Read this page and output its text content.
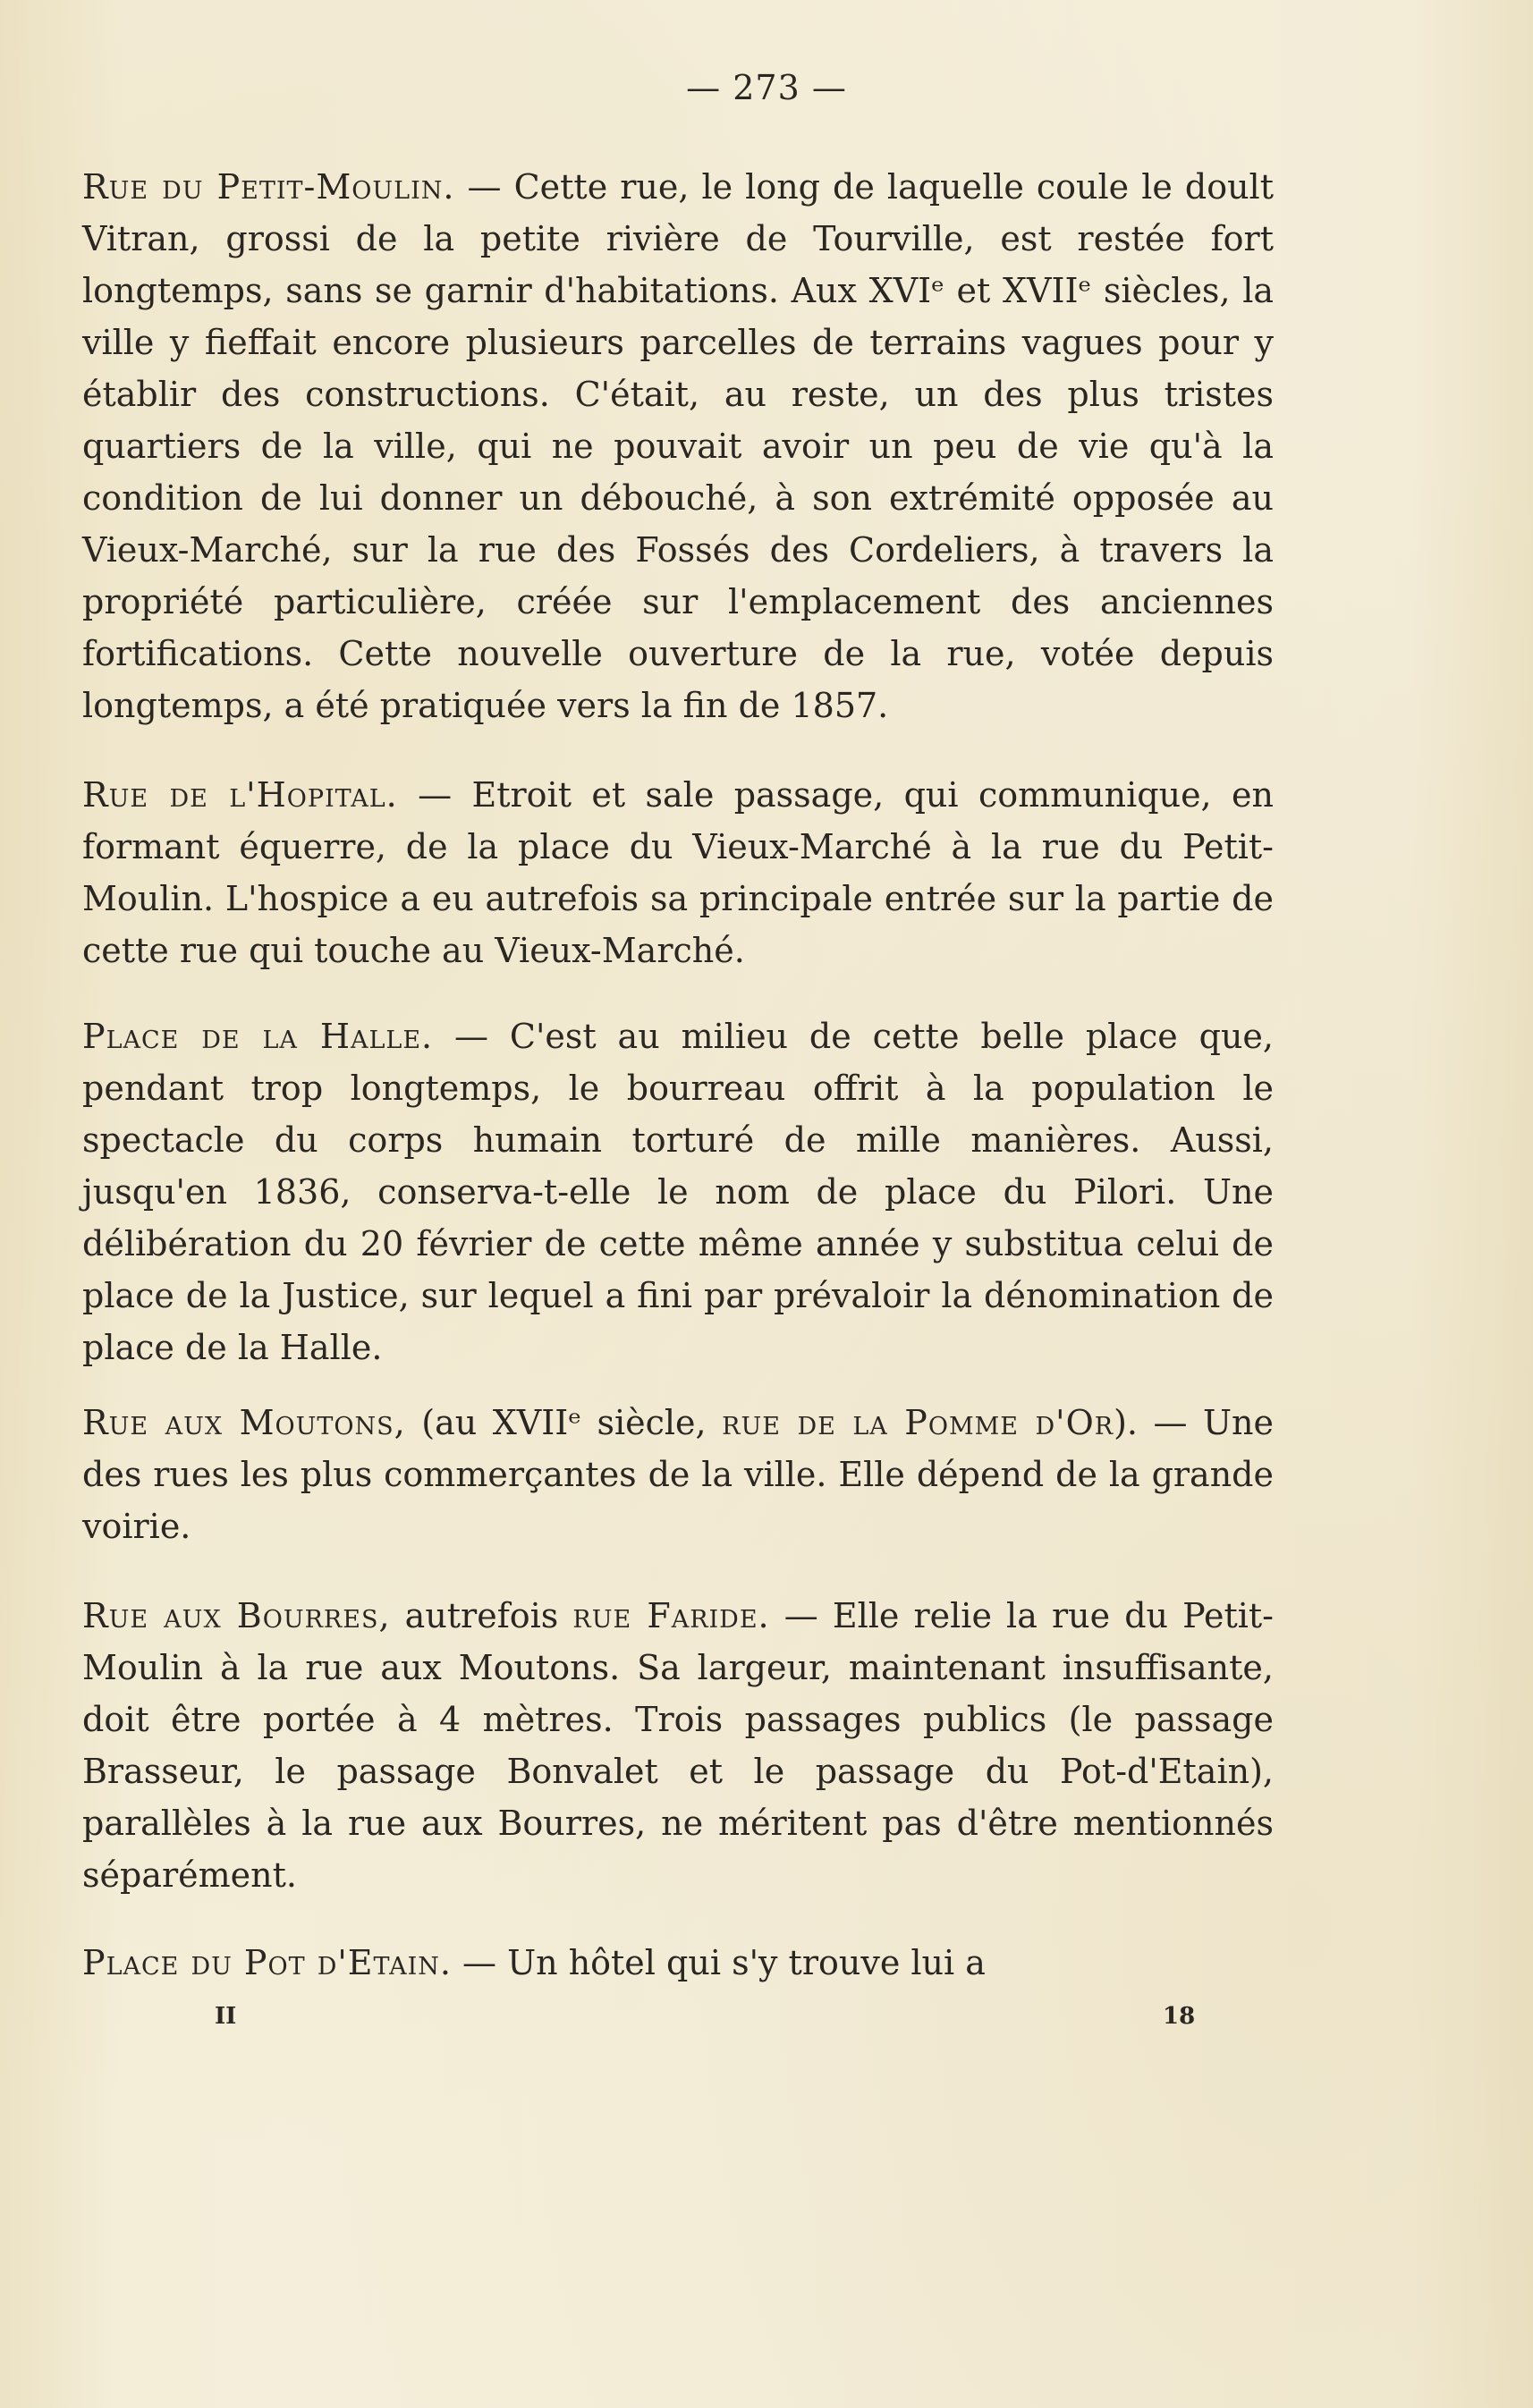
— 273 —

Rue du Petit-Moulin. — Cette rue, le long de laquelle coule le doult Vitran, grossi de la petite rivière de Tourville, est restée fort longtemps, sans se garnir d'habitations. Aux XVIᵉ et XVIIᵉ siècles, la ville y fieffait encore plusieurs parcelles de terrains vagues pour y établir des constructions. C'était, au reste, un des plus tristes quartiers de la ville, qui ne pouvait avoir un peu de vie qu'à la condition de lui donner un débouché, à son extrémité opposée au Vieux-Marché, sur la rue des Fossés des Cordeliers, à travers la propriété particulière, créée sur l'emplacement des anciennes fortifications. Cette nouvelle ouverture de la rue, votée depuis longtemps, a été pratiquée vers la fin de 1857.

Rue de l'Hopital. — Etroit et sale passage, qui communique, en formant équerre, de la place du Vieux-Marché à la rue du Petit-Moulin. L'hospice a eu autrefois sa principale entrée sur la partie de cette rue qui touche au Vieux-Marché.

Place de la Halle. — C'est au milieu de cette belle place que, pendant trop longtemps, le bourreau offrit à la population le spectacle du corps humain torturé de mille manières. Aussi, jusqu'en 1836, conserva-t-elle le nom de place du Pilori. Une délibération du 20 février de cette même année y substitua celui de place de la Justice, sur lequel a fini par prévaloir la dénomination de place de la Halle.

Rue aux Moutons, (au XVIIᵉ siècle, rue de la Pomme d'Or). — Une des rues les plus commerçantes de la ville. Elle dépend de la grande voirie.

Rue aux Bourres, autrefois rue Faride. — Elle relie la rue du Petit-Moulin à la rue aux Moutons. Sa largeur, maintenant insuffisante, doit être portée à 4 mètres. Trois passages publics (le passage Brasseur, le passage Bonvalet et le passage du Pot-d'Etain), parallèles à la rue aux Bourres, ne méritent pas d'être mentionnés séparément.

Place du Pot d'Etain. — Un hôtel qui s'y trouve lui a

II	18
